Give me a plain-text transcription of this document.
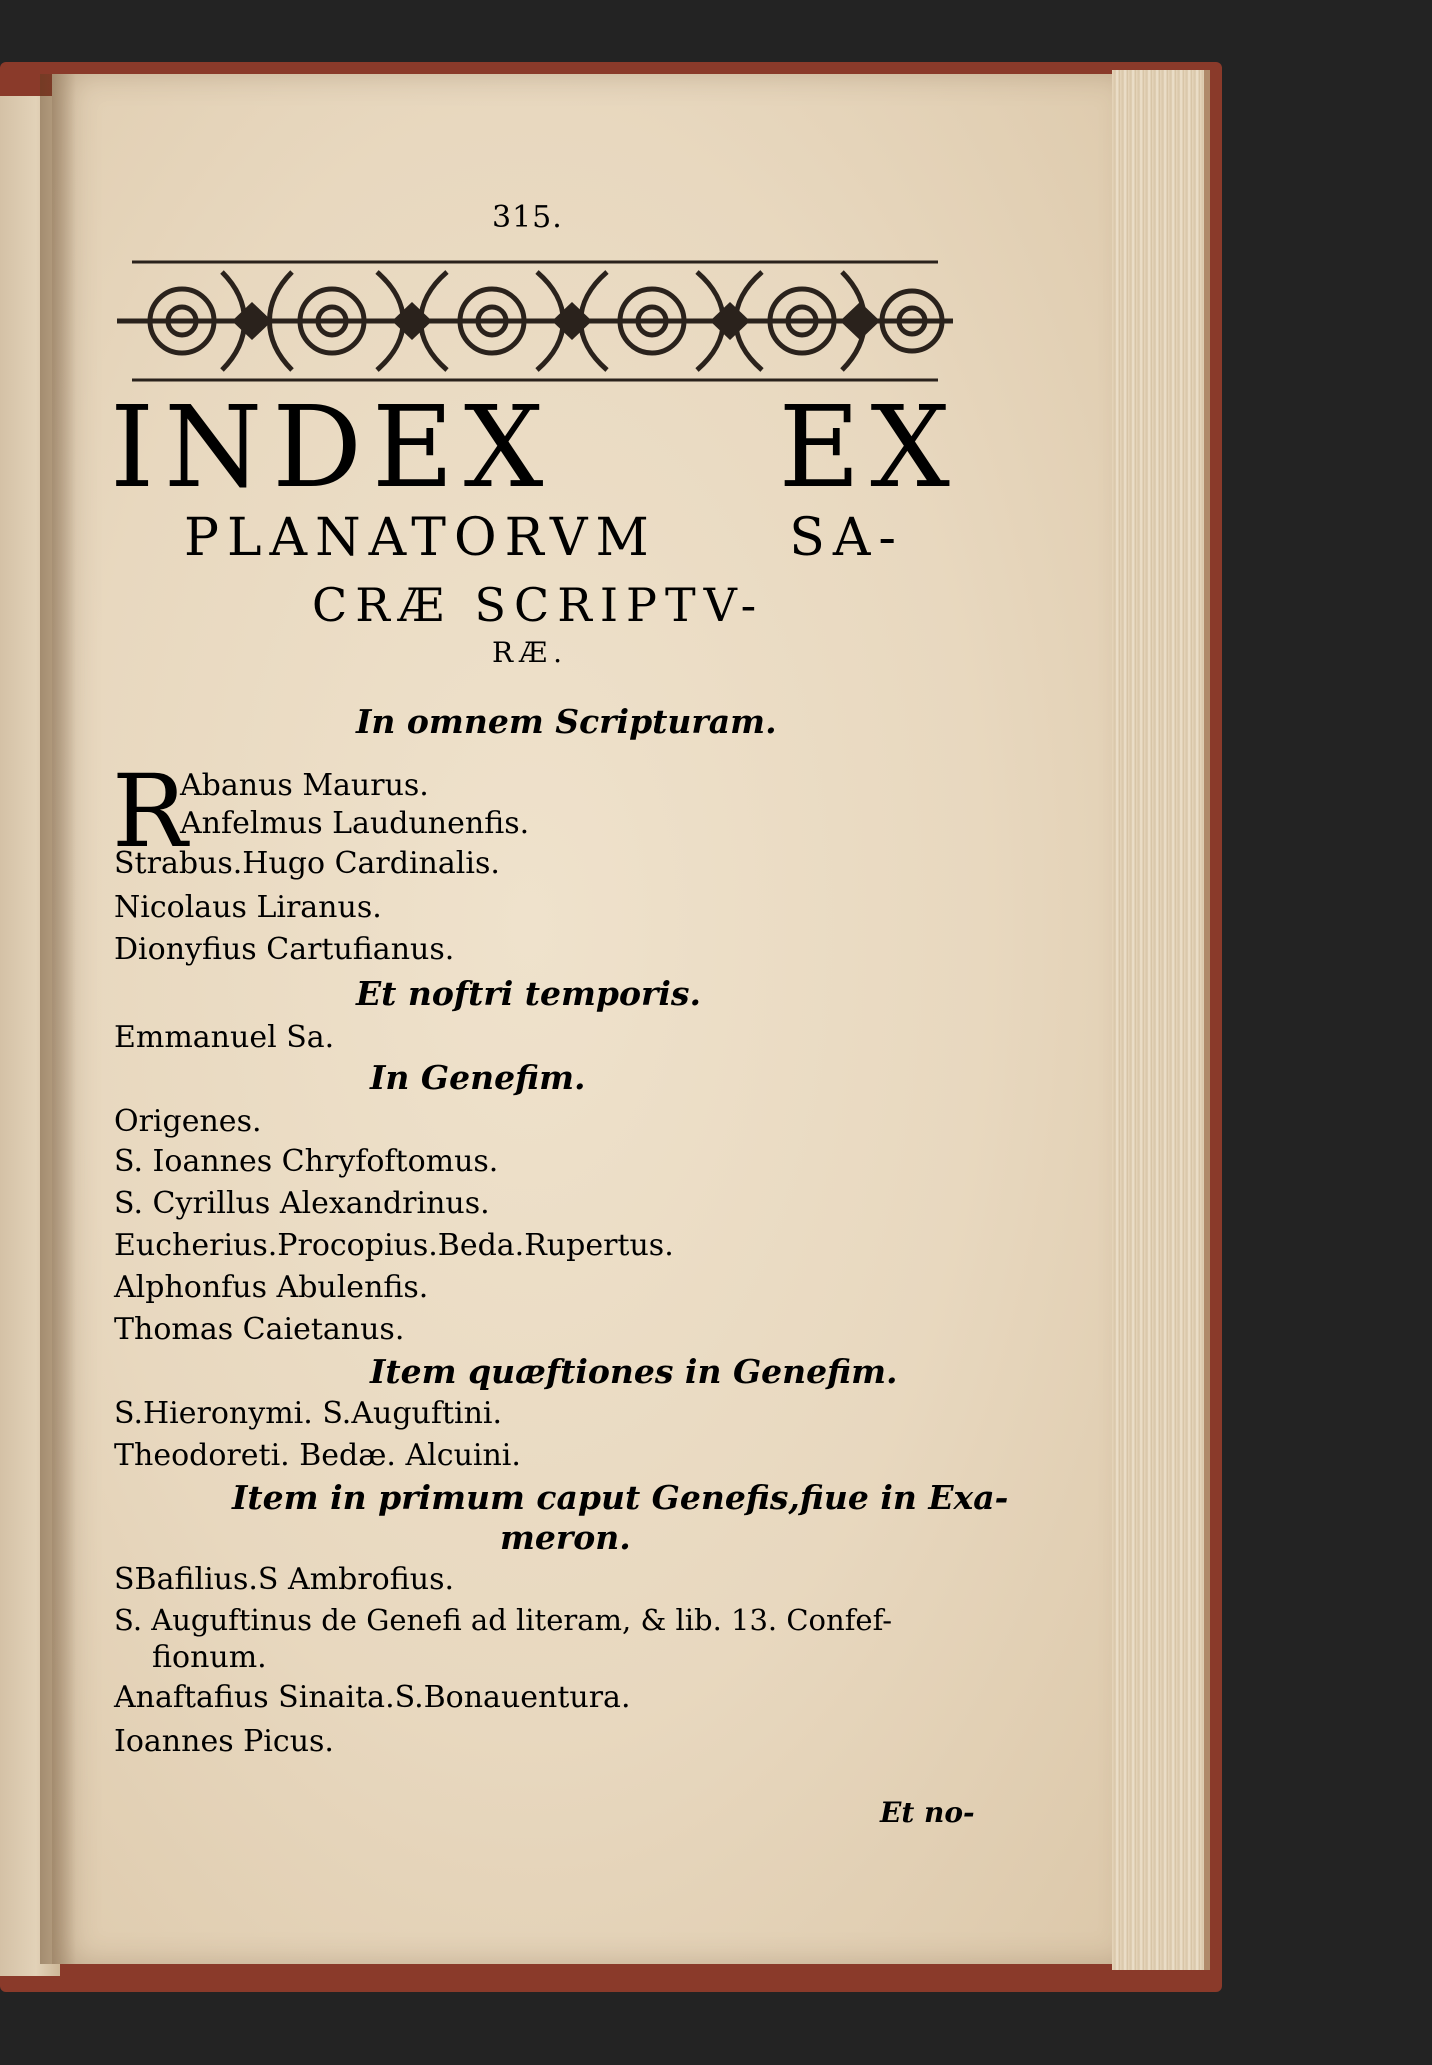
315.
INDEX EX
PLANATORVM	SA-
CRÆ SCRIPTV-
RÆ.
In omnem Scripturam.
R
Abanus Maurus.
Anfelmus Laudunenfis.
Strabus.Hugo Cardinalis.
Nicolaus Liranus.
Dionyfius Cartufianus.
Et noftri temporis.
Emmanuel Sa.
In Genefim.
Origenes.
S. Ioannes Chryfoftomus.
S. Cyrillus Alexandrinus.
Eucherius.Procopius.Beda.Rupertus.
Alphonfus Abulenfis.
Thomas Caietanus.
Item quæftiones in Genefim.
S.Hieronymi. S.Auguftini.
Theodoreti. Bedæ. Alcuini.
Item in primum caput Genefis,fiue in Exa-
meron.
SBafilius.S Ambrofius.
S. Auguftinus de Genefi ad literam, & lib. 13. Confef-
fionum.
Anaftafius Sinaita.S.Bonauentura.
Ioannes Picus.
Et no-
